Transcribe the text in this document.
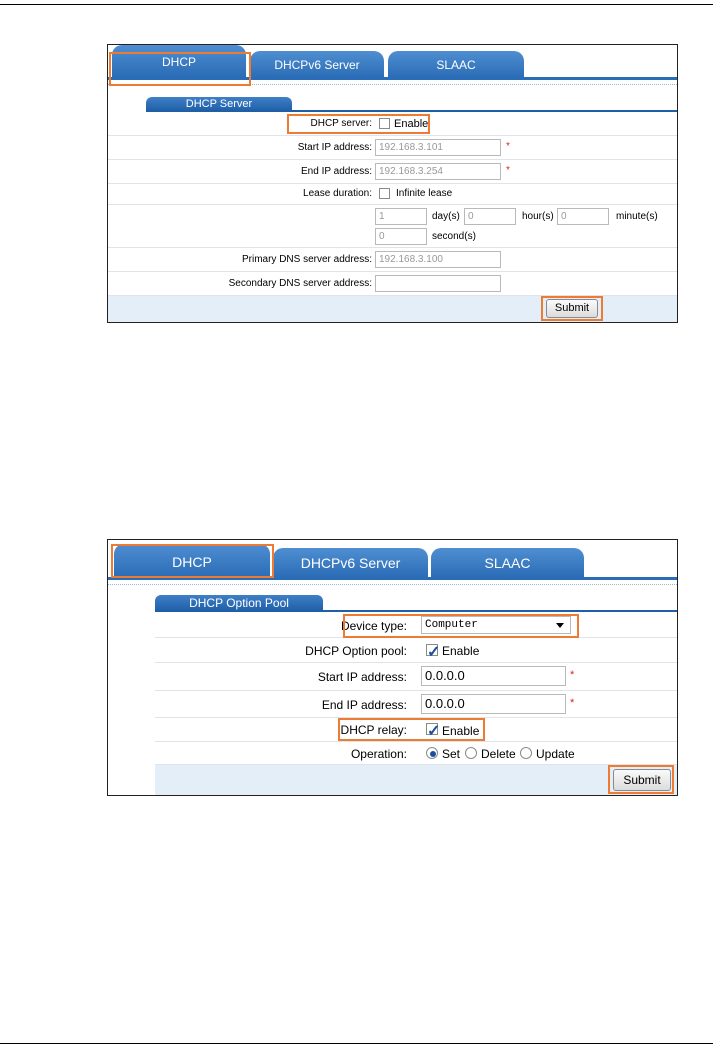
DHCP	DHCPv6 Server	SLAAC
DHCP Server
DHCP server: Enable
Start IP address: 192.168.3.101	*
End IP address: 192.168.3.254	*
Lease duration: Infinite lease
1	day(s) 0	hour(s) 0	minute(s)
0	second(s)
Primary DNS server address: 192.168.3.100
Secondary DNS server address:
Submit
DHCP	DHCPv6 Server	SLAAC
DHCP Option Pool
Device type:	Computer
DHCP Option pool: ✓	Enable
Start IP address:	0.0.0.0	*
End IP address:	0.0.0.0	*
DHCP relay: ✓	Enable
Operation:	Set Delete Update
Submit
